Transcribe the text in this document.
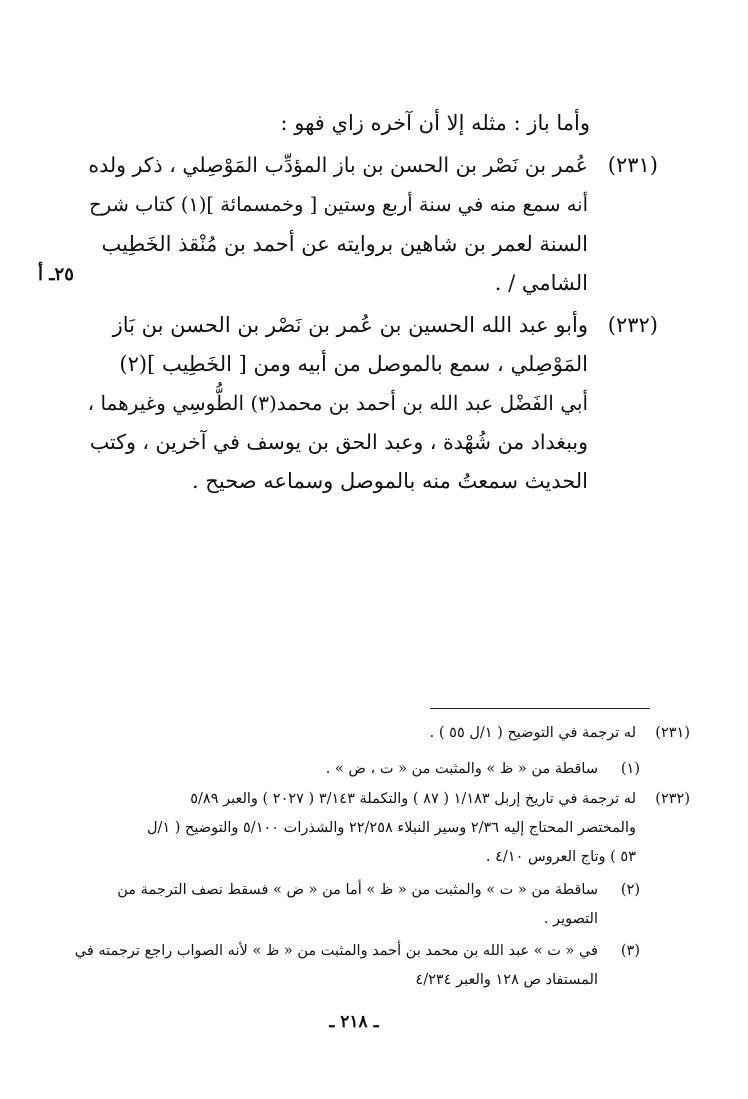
وأما باز : مثله إلا أن آخره زاي فهو :
(٢٣١)
عُمر بن نَصْر بن الحسن بن باز المؤدِّب المَوْصِلي ، ذكر ولده
أنه سمع منه في سنة أربع وستين [ وخمسمائة ](١) كتاب شرح
السنة لعمر بن شاهين بروايته عن أحمد بن مُنْقذ الخَطِيب
الشامي / .
٢٥ـ أ
(٢٣٢)
وأبو عبد الله الحسين بن عُمر بن نَصْر بن الحسن بن بَاز
المَوْصِلي ، سمع بالموصل من أبيه ومن [ الخَطِيب ](٢)
أبي الفَضْل عبد الله بن أحمد بن محمد(٣) الطُّوسِي وغيرهما ،
وببغداد من شُهْدة ، وعبد الحق بن يوسف في آخرين ، وكتب
الحديث سمعتُ منه بالموصل وسماعه صحيح .
(٢٣١)
له ترجمة في التوضيح ( ١/ل ٥٥ ) .
(١)
ساقطة من « ظ » والمثبت من « ت ، ض » .
(٢٣٢)
له ترجمة في تاريخ إربل ١/١٨٣ ( ٨٧ ) والتكملة ٣/١٤٣ ( ٢٠٢٧ ) والعبر ٥/٨٩
والمختصر المحتاج إليه ٢/٣٦ وسير النبلاء ٢٢/٢٥٨ والشذرات ٥/١٠٠ والتوضيح ( ١/ل
٥٣ ) وتاج العروس ٤/١٠ .
(٢)
ساقطة من « ت » والمثبت من « ظ » أما من « ض » فسقط نصف الترجمة من
التصوير .
(٣)
في « ت » عبد الله بن محمد بن أحمد والمثبت من « ظ » لأنه الصواب راجع ترجمته في
المستفاد ص ١٢٨ والعبر ٤/٢٣٤
ـ ٢١٨ ـ
